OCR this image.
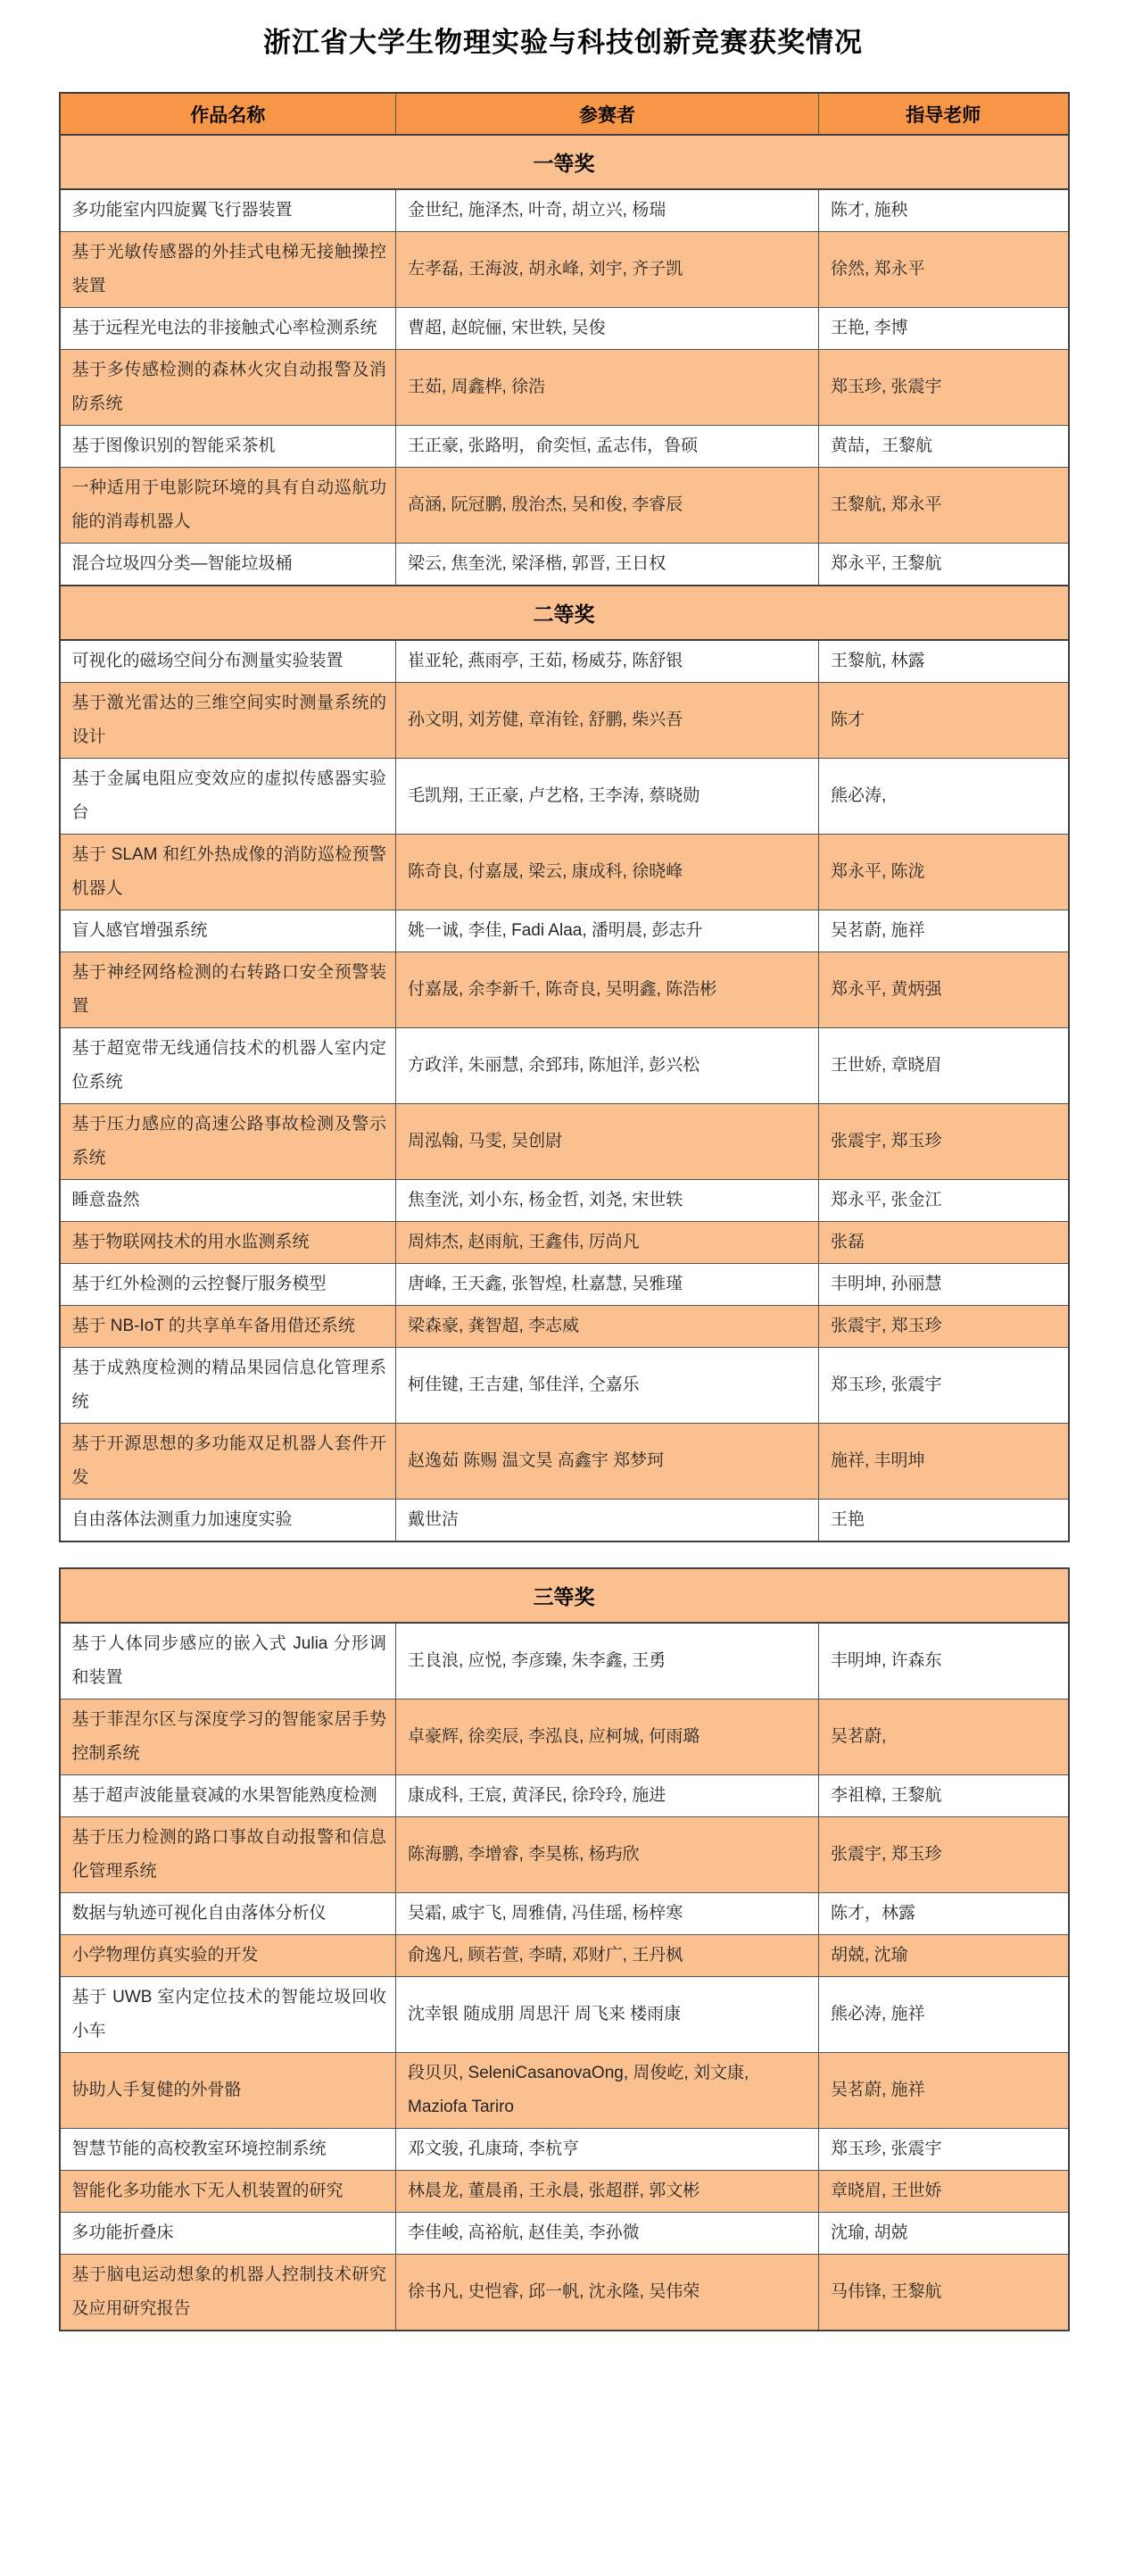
浙江省大学生物理实验与科技创新竞赛获奖情况
作品名称	参赛者	指导老师
一等奖		
多功能室内四旋翼飞行器装置	金世纪, 施泽杰, 叶奇, 胡立兴, 杨瑞	陈才, 施秧
基于光敏传感器的外挂式电梯无接触操控装置	左孝磊, 王海波, 胡永峰, 刘宇, 齐子凯	徐然, 郑永平
基于远程光电法的非接触式心率检测系统	曹超, 赵皖俪, 宋世轶, 吴俊	王艳, 李博
基于多传感检测的森林火灾自动报警及消防系统	王茹, 周鑫桦, 徐浩	郑玉珍, 张震宇
基于图像识别的智能采茶机	王正豪, 张路明，俞奕恒, 孟志伟，鲁硕	黄喆，王黎航
一种适用于电影院环境的具有自动巡航功能的消毒机器人	高涵, 阮冠鹏, 殷治杰, 吴和俊, 李睿辰	王黎航, 郑永平
混合垃圾四分类—智能垃圾桶	梁云, 焦奎洸, 梁泽楷, 郭晋, 王日权	郑永平, 王黎航
二等奖		
可视化的磁场空间分布测量实验装置	崔亚轮, 燕雨亭, 王茹, 杨威芬, 陈舒银	王黎航, 林露
基于激光雷达的三维空间实时测量系统的设计	孙文明, 刘芳健, 章洧铨, 舒鹏, 柴兴吾	陈才
基于金属电阻应变效应的虚拟传感器实验台	毛凯翔, 王正豪, 卢艺格, 王李涛, 蔡晓勋	熊必涛,
基于 SLAM 和红外热成像的消防巡检预警机器人	陈奇良, 付嘉晟, 梁云, 康成科, 徐晓峰	郑永平, 陈泷
盲人感官增强系统	姚一诚, 李佳, Fadi Alaa, 潘明晨, 彭志升	吴茗蔚, 施祥
基于神经网络检测的右转路口安全预警装置	付嘉晟, 余李新千, 陈奇良, 吴明鑫, 陈浩彬	郑永平, 黄炳强
基于超宽带无线通信技术的机器人室内定位系统	方政洋, 朱丽慧, 余郅玮, 陈旭洋, 彭兴松	王世娇, 章晓眉
基于压力感应的高速公路事故检测及警示系统	周泓翰, 马雯, 吴创尉	张震宇, 郑玉珍
睡意盎然	焦奎洸, 刘小东, 杨金哲, 刘尧, 宋世轶	郑永平, 张金江
基于物联网技术的用水监测系统	周炜杰, 赵雨航, 王鑫伟, 厉尚凡	张磊
基于红外检测的云控餐厅服务模型	唐峰, 王天鑫, 张智煌, 杜嘉慧, 吴雅瑾	丰明坤, 孙丽慧
基于 NB-IoT 的共享单车备用借还系统	梁森豪, 龚智超, 李志威	张震宇, 郑玉珍
基于成熟度检测的精品果园信息化管理系统	柯佳键, 王吉建, 邹佳洋, 仝嘉乐	郑玉珍, 张震宇
基于开源思想的多功能双足机器人套件开发	赵逸茹 陈赐 温文昊 高鑫宇 郑梦珂	施祥, 丰明坤
自由落体法测重力加速度实验	戴世洁	王艳
三等奖		
基于人体同步感应的嵌入式 Julia 分形调和装置	王良浪, 应悦, 李彦臻, 朱李鑫, 王勇	丰明坤, 许森东
基于菲涅尔区与深度学习的智能家居手势控制系统	卓豪辉, 徐奕辰, 李泓良, 应柯城, 何雨璐	吴茗蔚,
基于超声波能量衰减的水果智能熟度检测	康成科, 王宸, 黄泽民, 徐玲玲, 施进	李祖樟, 王黎航
基于压力检测的路口事故自动报警和信息化管理系统	陈海鹏, 李增睿, 李昊栋, 杨玙欣	张震宇, 郑玉珍
数据与轨迹可视化自由落体分析仪	吴霜, 戚宇飞, 周雅倩, 冯佳瑶, 杨梓寒	陈才，林露
小学物理仿真实验的开发	俞逸凡, 顾若萱, 李晴, 邓财广, 王丹枫	胡兢, 沈瑜
基于 UWB 室内定位技术的智能垃圾回收小车	沈幸银 随成朋 周思汗 周飞来 楼雨康	熊必涛, 施祥
协助人手复健的外骨骼	段贝贝, SeleniCasanovaOng, 周俊屹, 刘文康, Maziofa Tariro	吴茗蔚, 施祥
智慧节能的高校教室环境控制系统	邓文骏, 孔康琦, 李杭亨	郑玉珍, 张震宇
智能化多功能水下无人机装置的研究	林晨龙, 董晨甬, 王永晨, 张超群, 郭文彬	章晓眉, 王世娇
多功能折叠床	李佳峻, 高裕航, 赵佳美, 李孙微	沈瑜, 胡兢
基于脑电运动想象的机器人控制技术研究及应用研究报告	徐书凡, 史恺睿, 邱一帆, 沈永隆, 吴伟荣	马伟锋, 王黎航
